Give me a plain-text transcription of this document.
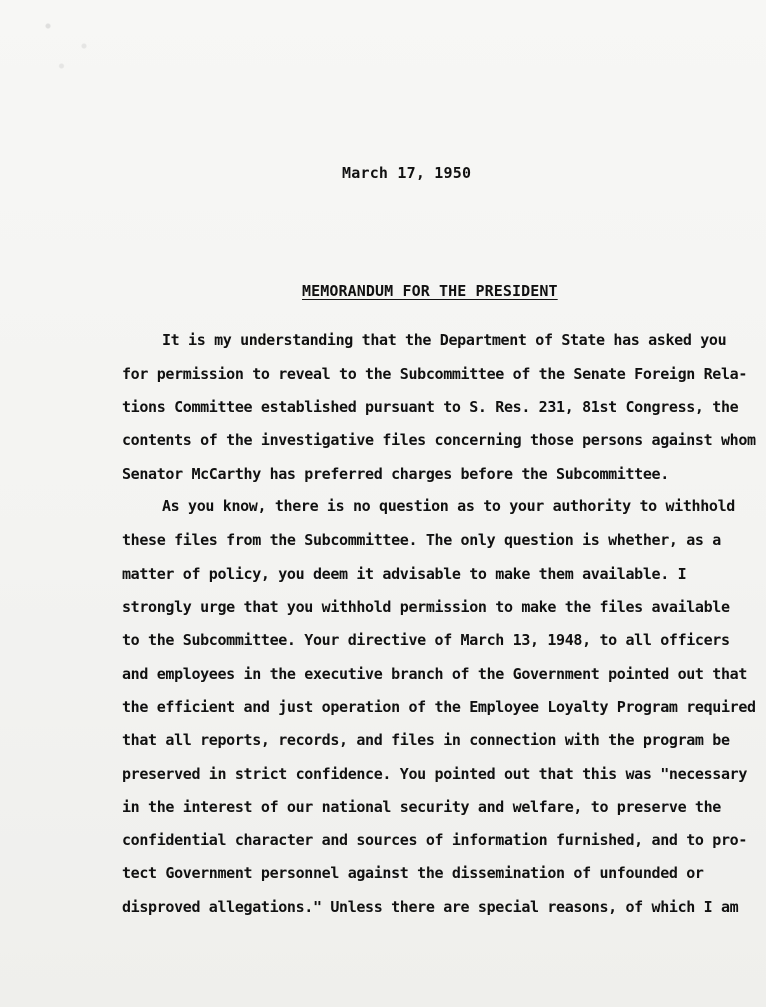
March 17, 1950
MEMORANDUM FOR THE PRESIDENT
It is my understanding that the Department of State has asked you
for permission to reveal to the Subcommittee of the Senate Foreign Rela-
tions Committee established pursuant to S. Res. 231, 81st Congress, the
contents of the investigative files concerning those persons against whom
Senator McCarthy has preferred charges before the Subcommittee.
As you know, there is no question as to your authority to withhold
these files from the Subcommittee. The only question is whether, as a
matter of policy, you deem it advisable to make them available. I
strongly urge that you withhold permission to make the files available
to the Subcommittee. Your directive of March 13, 1948, to all officers
and employees in the executive branch of the Government pointed out that
the efficient and just operation of the Employee Loyalty Program required
that all reports, records, and files in connection with the program be
preserved in strict confidence. You pointed out that this was "necessary
in the interest of our national security and welfare, to preserve the
confidential character and sources of information furnished, and to pro-
tect Government personnel against the dissemination of unfounded or
disproved allegations." Unless there are special reasons, of which I am
